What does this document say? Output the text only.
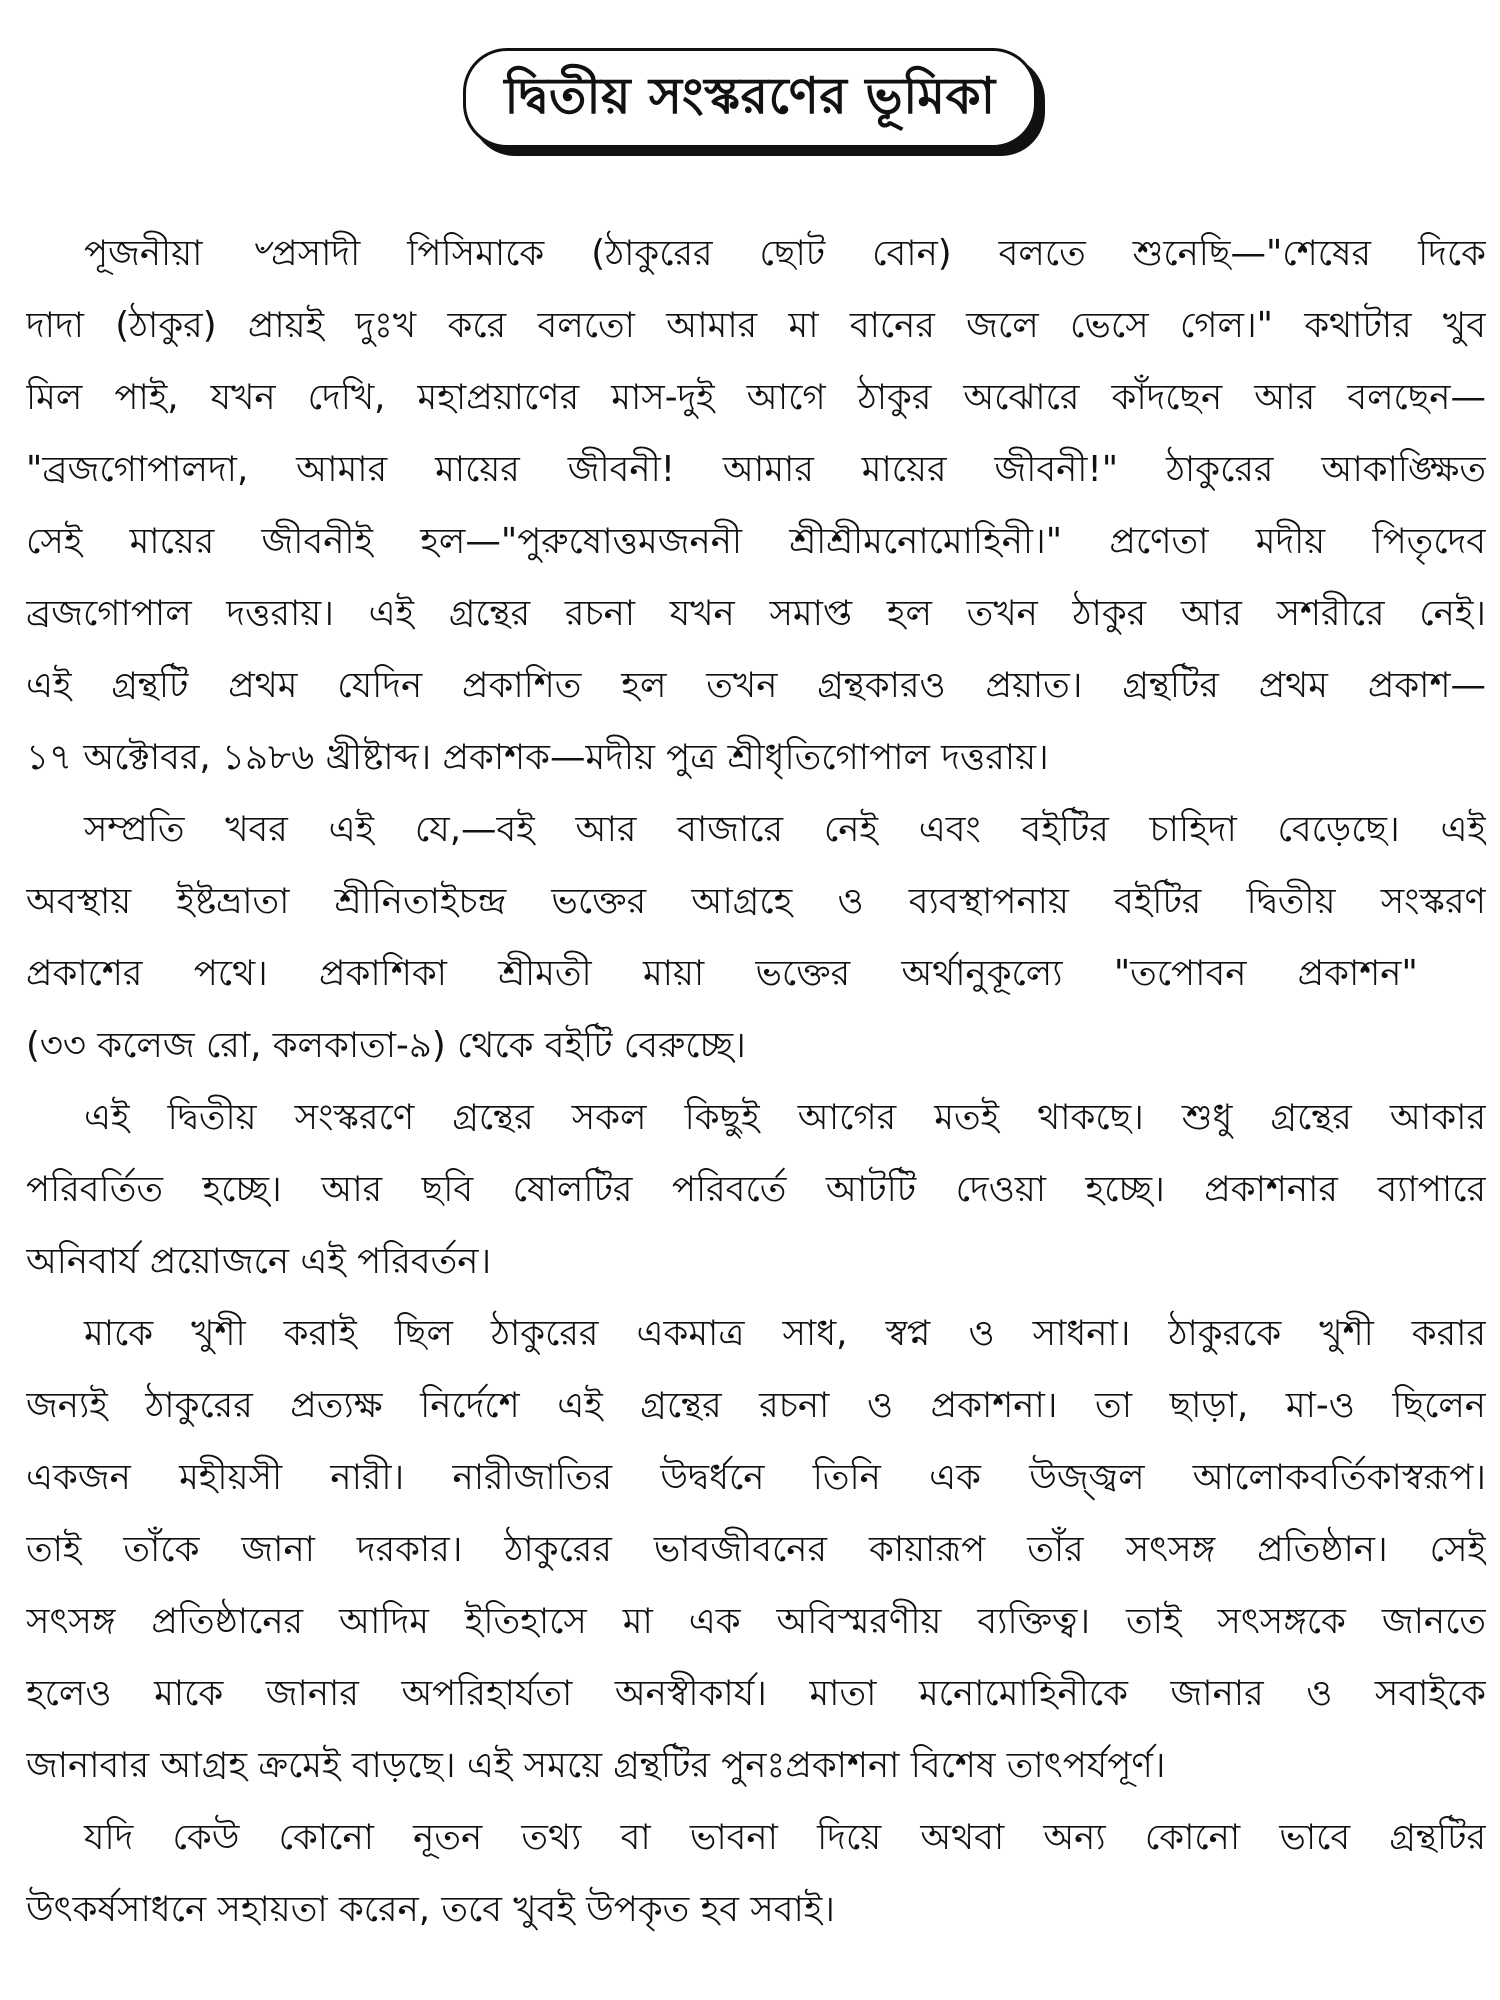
দ্বিতীয় সংস্করণের ভূমিকা
পূজনীয়া ৺প্রসাদী পিসিমাকে (ঠাকুরের ছোট বোন) বলতে শুনেছি—"শেষের দিকে
দাদা (ঠাকুর) প্রায়ই দুঃখ করে বলতো আমার মা বানের জলে ভেসে গেল।" কথাটার খুব
মিল পাই, যখন দেখি, মহাপ্রয়াণের মাস-দুই আগে ঠাকুর অঝোরে কাঁদছেন আর বলছেন—
"ব্রজগোপালদা, আমার মায়ের জীবনী! আমার মায়ের জীবনী!" ঠাকুরের আকাঙ্ক্ষিত
সেই মায়ের জীবনীই হল—"পুরুষোত্তমজননী শ্রীশ্রীমনোমোহিনী।" প্রণেতা মদীয় পিতৃদেব
ব্রজগোপাল দত্তরায়। এই গ্রন্থের রচনা যখন সমাপ্ত হল তখন ঠাকুর আর সশরীরে নেই।
এই গ্রন্থটি প্রথম যেদিন প্রকাশিত হল তখন গ্রন্থকারও প্রয়াত। গ্রন্থটির প্রথম প্রকাশ—
১৭ অক্টোবর, ১৯৮৬ খ্রীষ্টাব্দ। প্রকাশক—মদীয় পুত্র শ্রীধৃতিগোপাল দত্তরায়।
সম্প্রতি খবর এই যে,—বই আর বাজারে নেই এবং বইটির চাহিদা বেড়েছে। এই
অবস্থায় ইষ্টভ্রাতা শ্রীনিতাইচন্দ্র ভক্তের আগ্রহে ও ব্যবস্থাপনায় বইটির দ্বিতীয় সংস্করণ
প্রকাশের পথে। প্রকাশিকা শ্রীমতী মায়া ভক্তের অর্থানুকূল্যে "তপোবন প্রকাশন"
(৩৩ কলেজ রো, কলকাতা-৯) থেকে বইটি বেরুচ্ছে।
এই দ্বিতীয় সংস্করণে গ্রন্থের সকল কিছুই আগের মতই থাকছে। শুধু গ্রন্থের আকার
পরিবর্তিত হচ্ছে। আর ছবি ষোলটির পরিবর্তে আটটি দেওয়া হচ্ছে। প্রকাশনার ব্যাপারে
অনিবার্য প্রয়োজনে এই পরিবর্তন।
মাকে খুশী করাই ছিল ঠাকুরের একমাত্র সাধ, স্বপ্ন ও সাধনা। ঠাকুরকে খুশী করার
জন্যই ঠাকুরের প্রত্যক্ষ নির্দেশে এই গ্রন্থের রচনা ও প্রকাশনা। তা ছাড়া, মা-ও ছিলেন
একজন মহীয়সী নারী। নারীজাতির উদ্বর্ধনে তিনি এক উজ্জ্বল আলোকবর্তিকাস্বরূপ।
তাই তাঁকে জানা দরকার। ঠাকুরের ভাবজীবনের কায়ারূপ তাঁর সৎসঙ্গ প্রতিষ্ঠান। সেই
সৎসঙ্গ প্রতিষ্ঠানের আদিম ইতিহাসে মা এক অবিস্মরণীয় ব্যক্তিত্ব। তাই সৎসঙ্গকে জানতে
হলেও মাকে জানার অপরিহার্যতা অনস্বীকার্য। মাতা মনোমোহিনীকে জানার ও সবাইকে
জানাবার আগ্রহ ক্রমেই বাড়ছে। এই সময়ে গ্রন্থটির পুনঃপ্রকাশনা বিশেষ তাৎপর্যপূর্ণ।
যদি কেউ কোনো নূতন তথ্য বা ভাবনা দিয়ে অথবা অন্য কোনো ভাবে গ্রন্থটির
উৎকর্ষসাধনে সহায়তা করেন, তবে খুবই উপকৃত হব সবাই।
